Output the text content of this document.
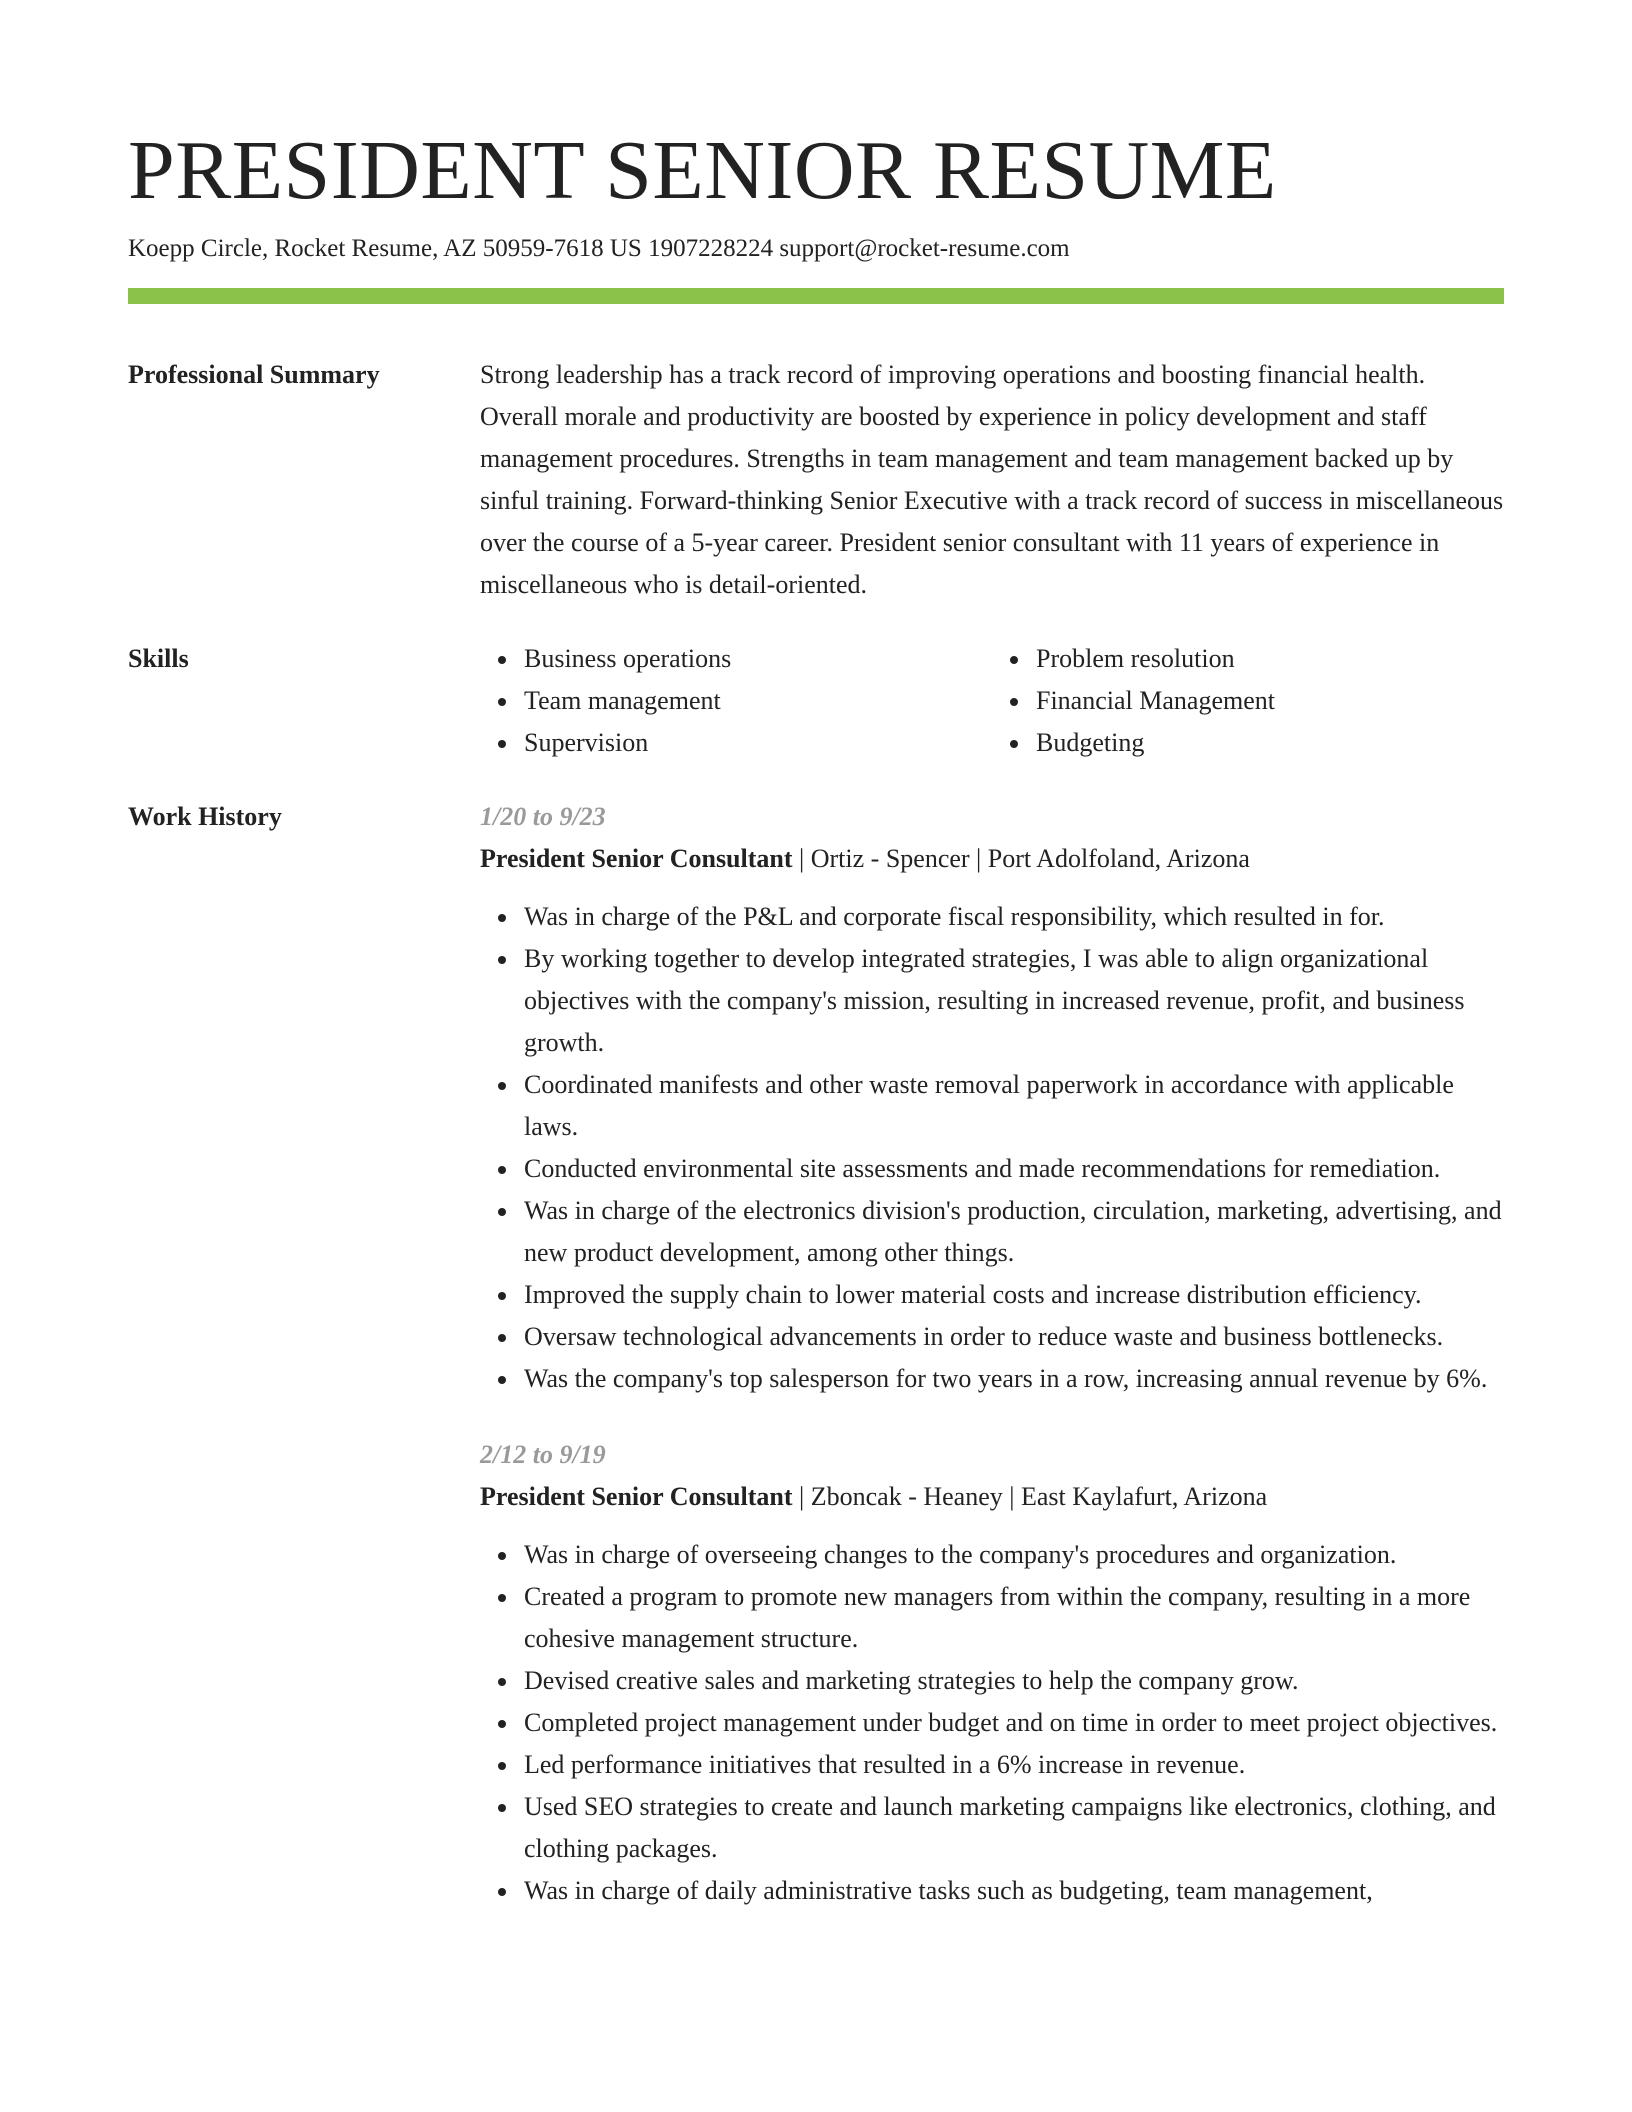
PRESIDENT SENIOR RESUME
Koepp Circle, Rocket Resume, AZ 50959-7618 US 1907228224 support@rocket-resume.com
Professional Summary	Strong leadership has a track record of improving operations and boosting financial health. Overall morale and productivity are boosted by experience in policy development and staff management procedures. Strengths in team management and team management backed up by sinful training. Forward-thinking Senior Executive with a track record of success in miscellaneous over the course of a 5-year career. President senior consultant with 11 years of experience in miscellaneous who is detail-oriented.
Skills	Business operations
Team management
Supervision
Problem resolution
Financial Management
Budgeting
Work History	1/20 to 9/23
President Senior Consultant | Ortiz - Spencer | Port Adolfoland, Arizona
Was in charge of the P&L and corporate fiscal responsibility, which resulted in for.
By working together to develop integrated strategies, I was able to align organizational objectives with the company's mission, resulting in increased revenue, profit, and business growth.
Coordinated manifests and other waste removal paperwork in accordance with applicable laws.
Conducted environmental site assessments and made recommendations for remediation.
Was in charge of the electronics division's production, circulation, marketing, advertising, and new product development, among other things.
Improved the supply chain to lower material costs and increase distribution efficiency.
Oversaw technological advancements in order to reduce waste and business bottlenecks.
Was the company's top salesperson for two years in a row, increasing annual revenue by 6%.
2/12 to 9/19
President Senior Consultant | Zboncak - Heaney | East Kaylafurt, Arizona
Was in charge of overseeing changes to the company's procedures and organization.
Created a program to promote new managers from within the company, resulting in a more cohesive management structure.
Devised creative sales and marketing strategies to help the company grow.
Completed project management under budget and on time in order to meet project objectives.
Led performance initiatives that resulted in a 6% increase in revenue.
Used SEO strategies to create and launch marketing campaigns like electronics, clothing, and clothing packages.
Was in charge of daily administrative tasks such as budgeting, team management,
